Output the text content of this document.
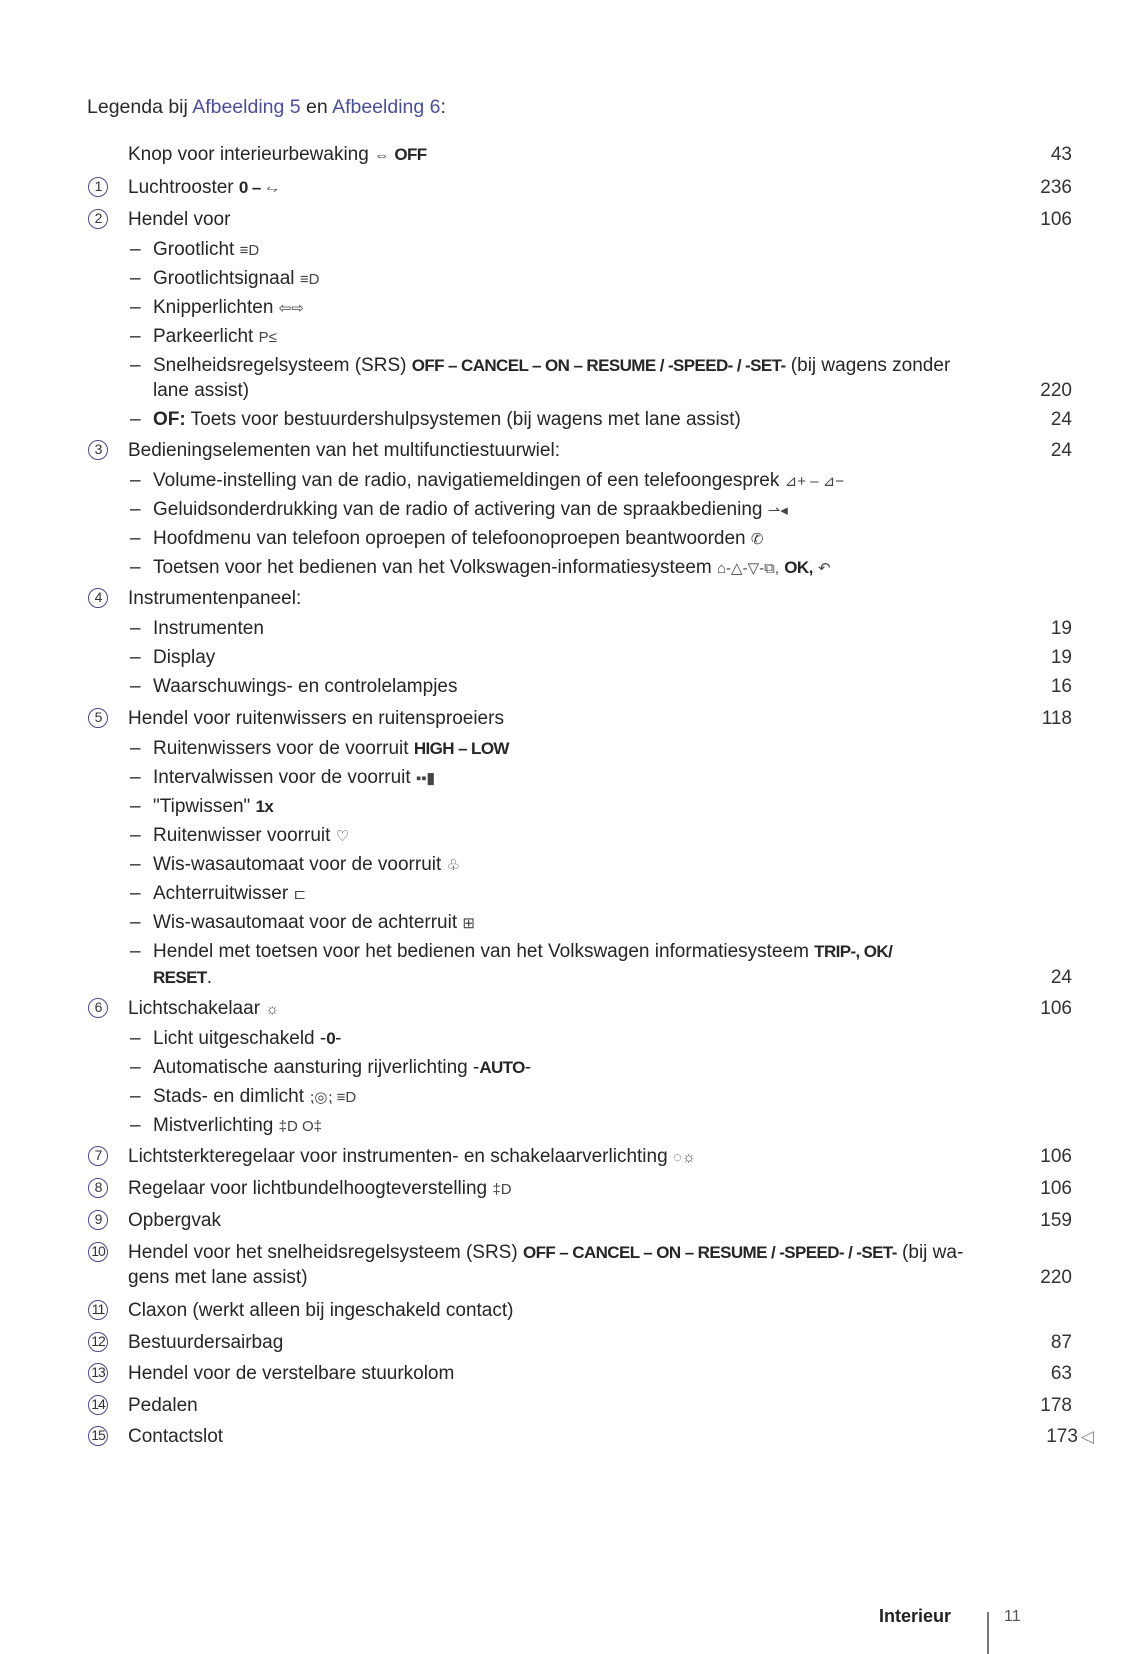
Legenda bij Afbeelding 5 en Afbeelding 6:
Knop voor interieurbewaking ⇔ OFF	43
1	Luchtrooster 0 – ⥊	236
2	Hendel voor	106
– Grootlicht ≡D
– Grootlichtsignaal ≡D
– Knipperlichten ⇦⇨
– Parkeerlicht P≤
– Snelheidsregelsysteem (SRS) OFF – CANCEL – ON – RESUME / -SPEED- / -SET- (bij wagens zonder
lane assist)	220
– OF: Toets voor bestuurdershulpsystemen (bij wagens met lane assist)	24
3	Bedieningselementen van het multifunctiestuurwiel:	24
– Volume-instelling van de radio, navigatiemeldingen of een telefoongesprek ⊿+ – ⊿−
– Geluidsonderdrukking van de radio of activering van de spraakbediening ⇀◂
– Hoofdmenu van telefoon oproepen of telefoonoproepen beantwoorden ✆
– Toetsen voor het bedienen van het Volkswagen-informatiesysteem ⌂-△-▽-⧉, OK, ↶
4	Instrumentenpaneel:
– Instrumenten	19
– Display	19
– Waarschuwings- en controlelampjes	16
5	Hendel voor ruitenwissers en ruitensproeiers	118
– Ruitenwissers voor de voorruit HIGH – LOW
– Intervalwissen voor de voorruit ▪▪▮
– "Tipwissen" 1x
– Ruitenwisser voorruit ♡
– Wis-wasautomaat voor de voorruit ♧
– Achterruitwisser ⊏
– Wis-wasautomaat voor de achterruit ⊞
– Hendel met toetsen voor het bedienen van het Volkswagen informatiesysteem TRIP-, OK/
RESET.	24
6	Lichtschakelaar ☼	106
– Licht uitgeschakeld -0-
– Automatische aansturing rijverlichting -AUTO-
– Stads- en dimlicht ⁏◎⁏ ≡D
– Mistverlichting ‡D O‡
7	Lichtsterkteregelaar voor instrumenten- en schakelaarverlichting ◌☼	106
8	Regelaar voor lichtbundelhoogteverstelling ‡D	106
9	Opbergvak	159
10 Hendel voor het snelheidsregelsysteem (SRS) OFF – CANCEL – ON – RESUME / -SPEED- / -SET- (bij wa-
gens met lane assist)	220
11 Claxon (werkt alleen bij ingeschakeld contact)
12 Bestuurdersairbag	87
13 Hendel voor de verstelbare stuurkolom	63
14 Pedalen	178
15 Contactslot	173 ◁
Interieur	11
